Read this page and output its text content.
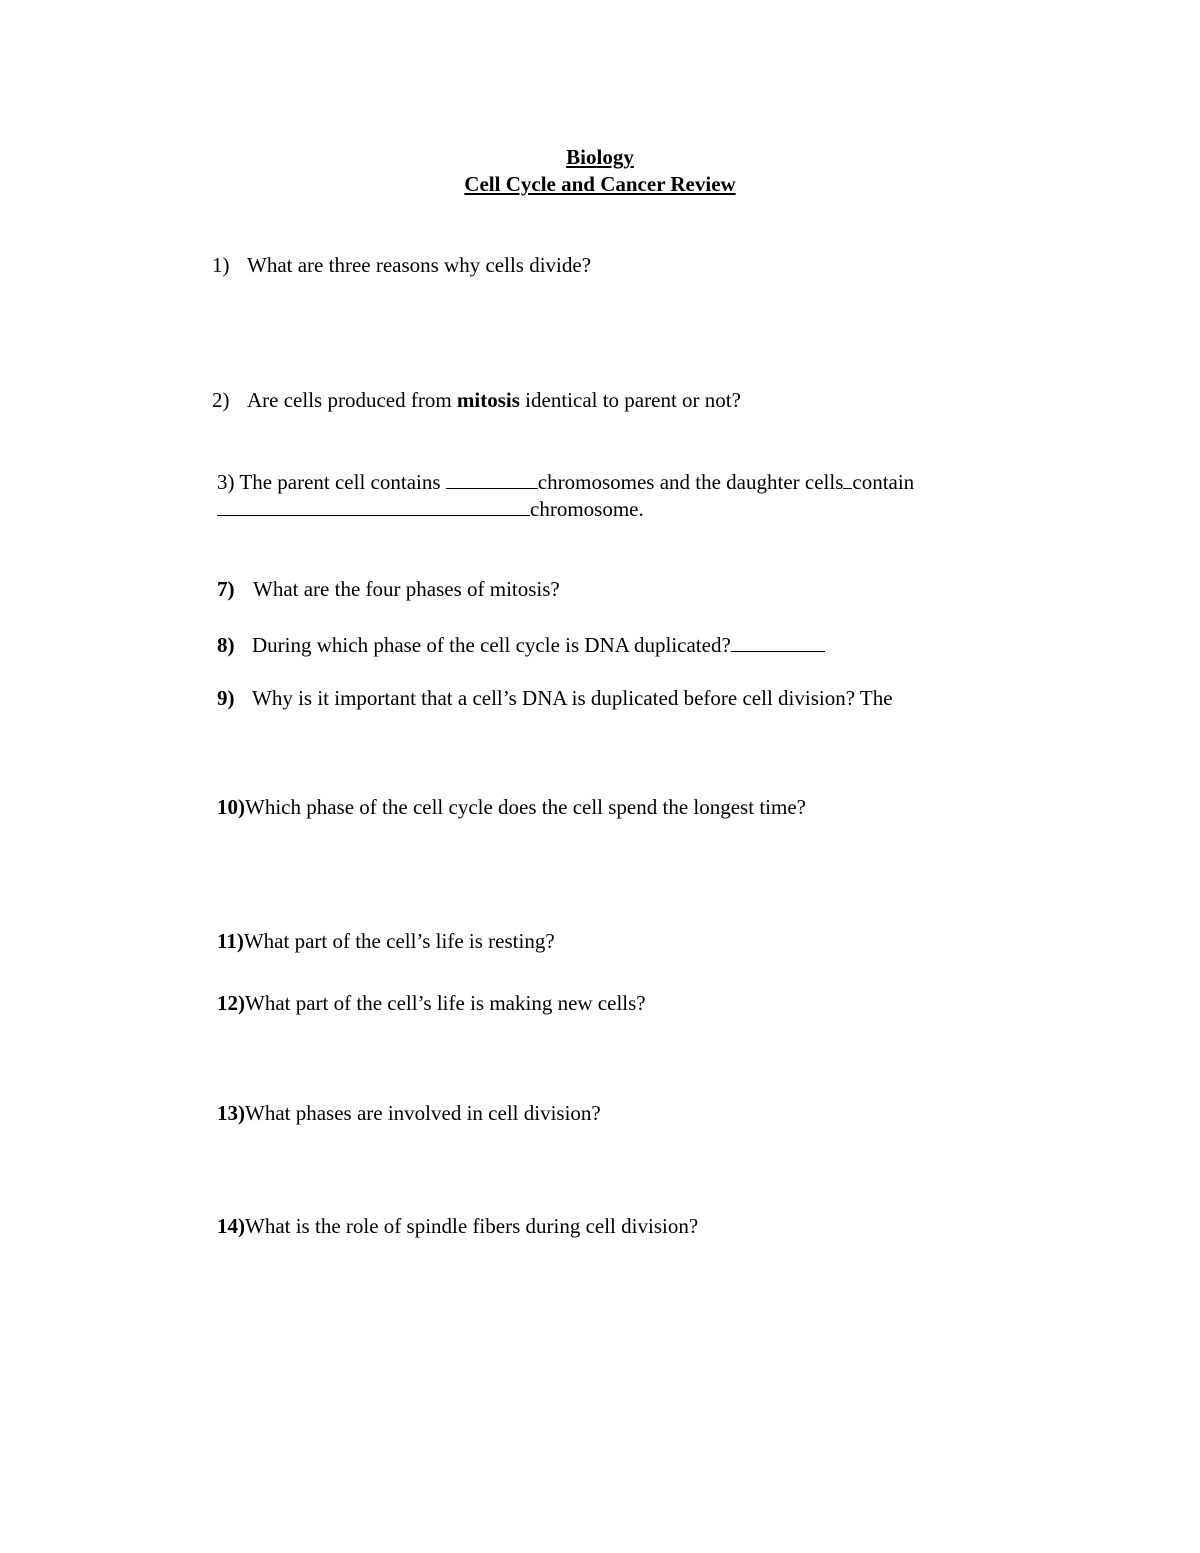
Biology
Cell Cycle and Cancer Review
1) What are three reasons why cells divide?
2) Are cells produced from mitosis identical to parent or not?
3) The parent cell contains	chromosomes and the daughter cells contain
chromosome.
7) What are the four phases of mitosis?
8) During which phase of the cell cycle is DNA duplicated?
9) Why is it important that a cell’s DNA is duplicated before cell division? The
10)Which phase of the cell cycle does the cell spend the longest time?
11)What part of the cell’s life is resting?
12)What part of the cell’s life is making new cells?
13)What phases are involved in cell division?
14)What is the role of spindle fibers during cell division?
